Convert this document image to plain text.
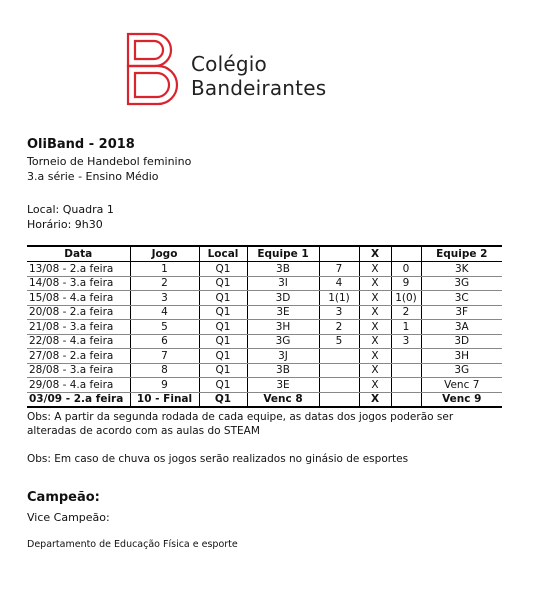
Colégio
Bandeirantes
OliBand - 2018
Torneio de Handebol feminino
3.a série - Ensino Médio
Local: Quadra 1
Horário: 9h30
Data	Jogo	Local	Equipe 1		X		Equipe 2
13/08 - 2.a feira	1	Q1	3B	7	X	0	3K
14/08 - 3.a feira	2	Q1	3I	4	X	9	3G
15/08 - 4.a feira	3	Q1	3D	1(1)	X	1(0)	3C
20/08 - 2.a feira	4	Q1	3E	3	X	2	3F
21/08 - 3.a feira	5	Q1	3H	2	X	1	3A
22/08 - 4.a feira	6	Q1	3G	5	X	3	3D
27/08 - 2.a feira	7	Q1	3J		X		3H
28/08 - 3.a feira	8	Q1	3B		X		3G
29/08 - 4.a feira	9	Q1	3E		X		Venc 7
03/09 - 2.a feira	10 - Final	Q1	Venc 8		X		Venc 9
Obs: A partir da segunda rodada de cada equipe, as datas dos jogos poderão ser
alteradas de acordo com as aulas do STEAM
Obs: Em caso de chuva os jogos serão realizados no ginásio de esportes
Campeão:
Vice Campeão:
Departamento de Educação Física e esporte
